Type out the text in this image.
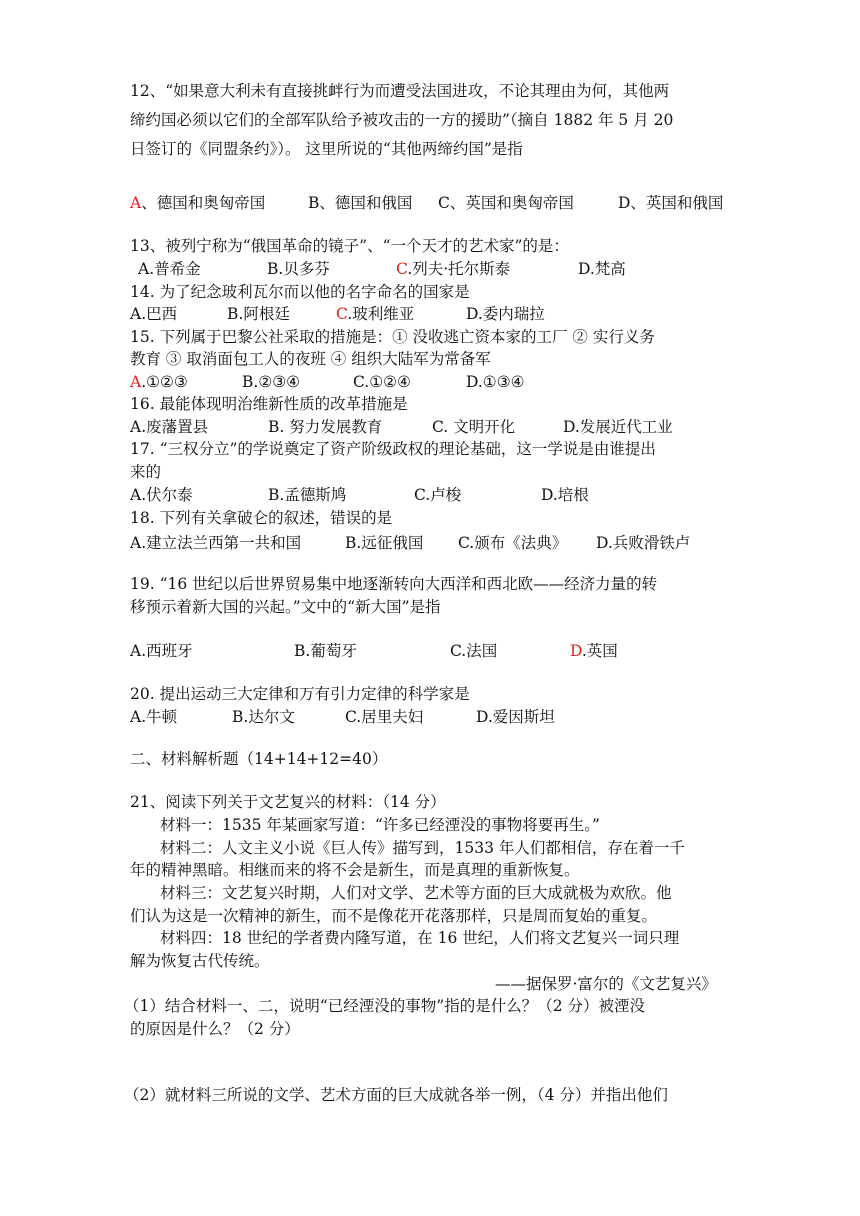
12、“如果意大利未有直接挑衅行为而遭受法国进攻，不论其理由为何，其他两
缔约国必须以它们的全部军队给予被攻击的一方的援助”（摘自 1882 年 5 月 20
日签订的《同盟条约》）。 这里所说的“其他两缔约国”是指
A、德国和奥匈帝国	B、德国和俄国 C、英国和奥匈帝国	D、英国和俄国
13、被列宁称为“俄国革命的镜子”、“一个天才的艺术家”的是：
A.普希金	B.贝多芬	C.列夫·托尔斯泰	D.梵高
14. 为了纪念玻利瓦尔而以他的名字命名的国家是
A.巴西	B.阿根廷	C.玻利维亚	D.委内瑞拉
15. 下列属于巴黎公社采取的措施是：① 没收逃亡资本家的工厂 ② 实行义务
教育 ③ 取消面包工人的夜班 ④ 组织大陆军为常备军
A.①②③	B.②③④	C.①②④	D.①③④
16. 最能体现明治维新性质的改革措施是
A.废藩置县	B. 努力发展教育	C. 文明开化	D.发展近代工业
17. “三权分立”的学说奠定了资产阶级政权的理论基础，这一学说是由谁提出
来的
A.伏尔泰	B.孟德斯鸠	C.卢梭	D.培根
18. 下列有关拿破仑的叙述，错误的是
A.建立法兰西第一共和国	B.远征俄国 C.颁布《法典》 D.兵败滑铁卢
19. “16 世纪以后世界贸易集中地逐渐转向大西洋和西北欧——经济力量的转
移预示着新大国的兴起。”文中的“新大国”是指
A.西班牙	B.葡萄牙	C.法国	D.英国
20. 提出运动三大定律和万有引力定律的科学家是
A.牛顿	B.达尔文	C.居里夫妇	D.爱因斯坦
二、材料解析题（14+14+12=40）
21、阅读下列关于文艺复兴的材料：（14 分）
材料一：1535 年某画家写道：“许多已经湮没的事物将要再生。”
材料二：人文主义小说《巨人传》描写到，1533 年人们都相信，存在着一千
年的精神黑暗。相继而来的将不会是新生，而是真理的重新恢复。
材料三：文艺复兴时期，人们对文学、艺术等方面的巨大成就极为欢欣。他
们认为这是一次精神的新生，而不是像花开花落那样，只是周而复始的重复。
材料四：18 世纪的学者费内隆写道，在 16 世纪，人们将文艺复兴一词只理
解为恢复古代传统。
——据保罗·富尔的《文艺复兴》
（1）结合材料一、二，说明“已经湮没的事物”指的是什么？（2 分）被湮没
的原因是什么？（2 分）
（2）就材料三所说的文学、艺术方面的巨大成就各举一例，（4 分）并指出他们
